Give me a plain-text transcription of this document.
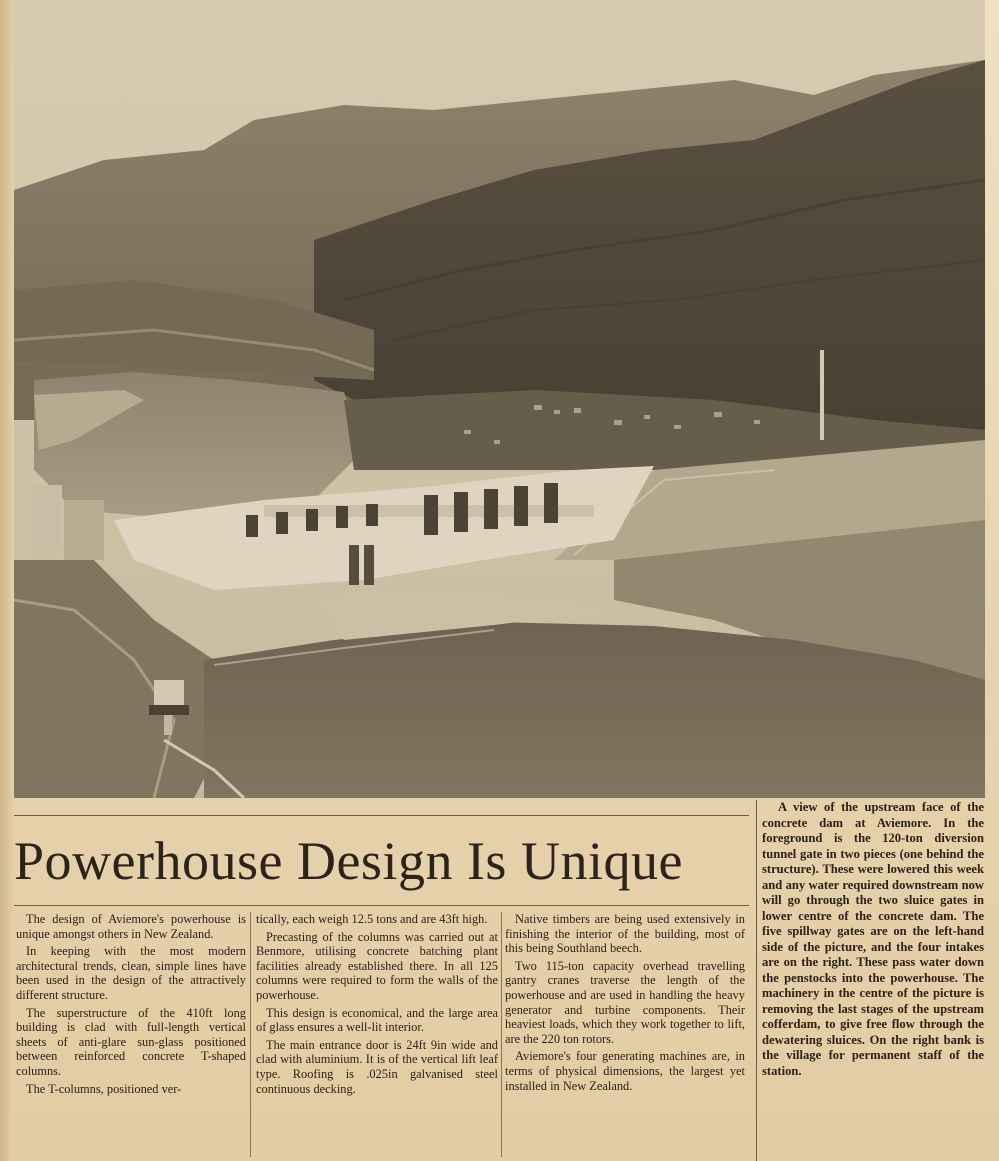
Powerhouse Design Is Unique

The design of Aviemore's powerhouse is unique amongst others in New Zealand.

In keeping with the most modern architectural trends, clean, simple lines have been used in the design of the attractively different structure.

The superstructure of the 410ft long building is clad with full-length vertical sheets of anti-glare sun-glass positioned between reinforced concrete T-shaped columns.

The T-columns, positioned ver-

tically, each weigh 12.5 tons and are 43ft high.

Precasting of the columns was carried out at Benmore, utilising concrete batching plant facilities already established there. In all 125 columns were required to form the walls of the powerhouse.

This design is economical, and the large area of glass ensures a well-lit interior.

The main entrance door is 24ft 9in wide and clad with aluminium. It is of the vertical lift leaf type. Roofing is .025in galvanised steel continuous decking.

Native timbers are being used extensively in finishing the interior of the building, most of this being Southland beech.

Two 115-ton capacity overhead travelling gantry cranes traverse the length of the powerhouse and are used in handling the heavy generator and turbine components. Their heaviest loads, which they work together to lift, are the 220 ton rotors.

Aviemore's four generating machines are, in terms of physical dimensions, the largest yet installed in New Zealand.

A view of the upstream face of the concrete dam at Aviemore. In the foreground is the 120-ton diversion tunnel gate in two pieces (one behind the structure). These were lowered this week and any water required downstream now will go through the two sluice gates in lower centre of the concrete dam. The five spillway gates are on the left-hand side of the picture, and the four intakes are on the right. These pass water down the penstocks into the powerhouse. The machinery in the centre of the picture is removing the last stages of the upstream cofferdam, to give free flow through the dewatering sluices. On the right bank is the village for permanent staff of the station.
